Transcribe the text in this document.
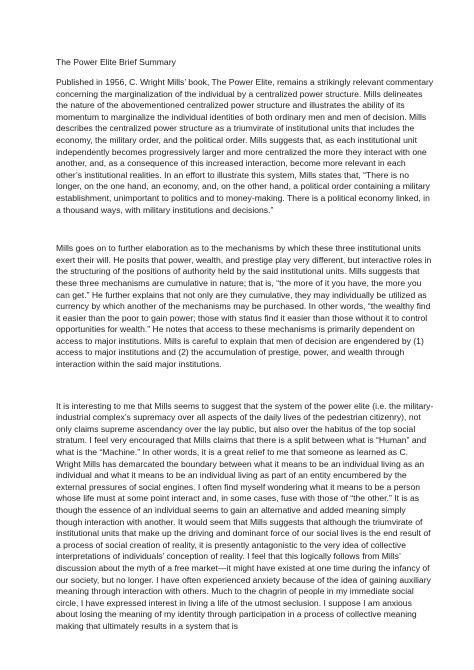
The Power Elite Brief Summary

Published in 1956, C. Wright Mills’ book, The Power Elite, remains a strikingly relevant commentary concerning the marginalization of the individual by a centralized power structure. Mills delineates the nature of the abovementioned centralized power structure and illustrates the ability of its momentum to marginalize the individual identities of both ordinary men and men of decision. Mills describes the centralized power structure as a triumvirate of institutional units that includes the economy, the military order, and the political order. Mills suggests that, as each institutional unit independently becomes progressively larger and more centralized the more they interact with one another, and, as a consequence of this increased interaction, become more relevant in each other’s institutional realities. In an effort to illustrate this system, Mills states that, “There is no longer, on the one hand, an economy, and, on the other hand, a political order containing a military establishment, unimportant to politics and to money-making. There is a political economy linked, in a thousand ways, with military institutions and decisions.”

Mills goes on to further elaboration as to the mechanisms by which these three institutional units exert their will. He posits that power, wealth, and prestige play very different, but interactive roles in the structuring of the positions of authority held by the said institutional units. Mills suggests that these three mechanisms are cumulative in nature; that is, “the more of it you have, the more you can get.” He further explains that not only are they cumulative, they may individually be utilized as currency by which another of the mechanisms may be purchased. In other words, “the wealthy find it easier than the poor to gain power; those with status find it easier than those without it to control opportunities for wealth.” He notes that access to these mechanisms is primarily dependent on access to major institutions. Mills is careful to explain that men of decision are engendered by (1) access to major institutions and (2) the accumulation of prestige, power, and wealth through interaction within the said major institutions.

It is interesting to me that Mills seems to suggest that the system of the power elite (i.e. the military-industrial complex’s supremacy over all aspects of the daily lives of the pedestrian citizenry), not only claims supreme ascendancy over the lay public, but also over the habitus of the top social stratum. I feel very encouraged that Mills claims that there is a split between what is “Human” and what is the “Machine.” In other words, it is a great relief to me that someone as learned as C. Wright Mills has demarcated the boundary between what it means to be an individual living as an individual and what it means to be an individual living as part of an entity encumbered by the external pressures of social engines. I often find myself wondering what it means to be a person whose life must at some point interact and, in some cases, fuse with those of “the other.” It is as though the essence of an individual seems to gain an alternative and added meaning simply though interaction with another. It would seem that Mills suggests that although the triumvirate of institutional units that make up the driving and dominant force of our social lives is the end result of a process of social creation of reality, it is presently antagonistic to the very idea of collective interpretations of individuals’ conception of reality. I feel that this logically follows from Mills’ discussion about the myth of a free market—it might have existed at one time during the infancy of our society, but no longer. I have often experienced anxiety because of the idea of gaining auxiliary meaning through interaction with others. Much to the chagrin of people in my immediate social circle, I have expressed interest in living a life of the utmost seclusion. I suppose I am anxious about losing the meaning of my identity through participation in a process of collective meaning making that ultimately results in a system that is
